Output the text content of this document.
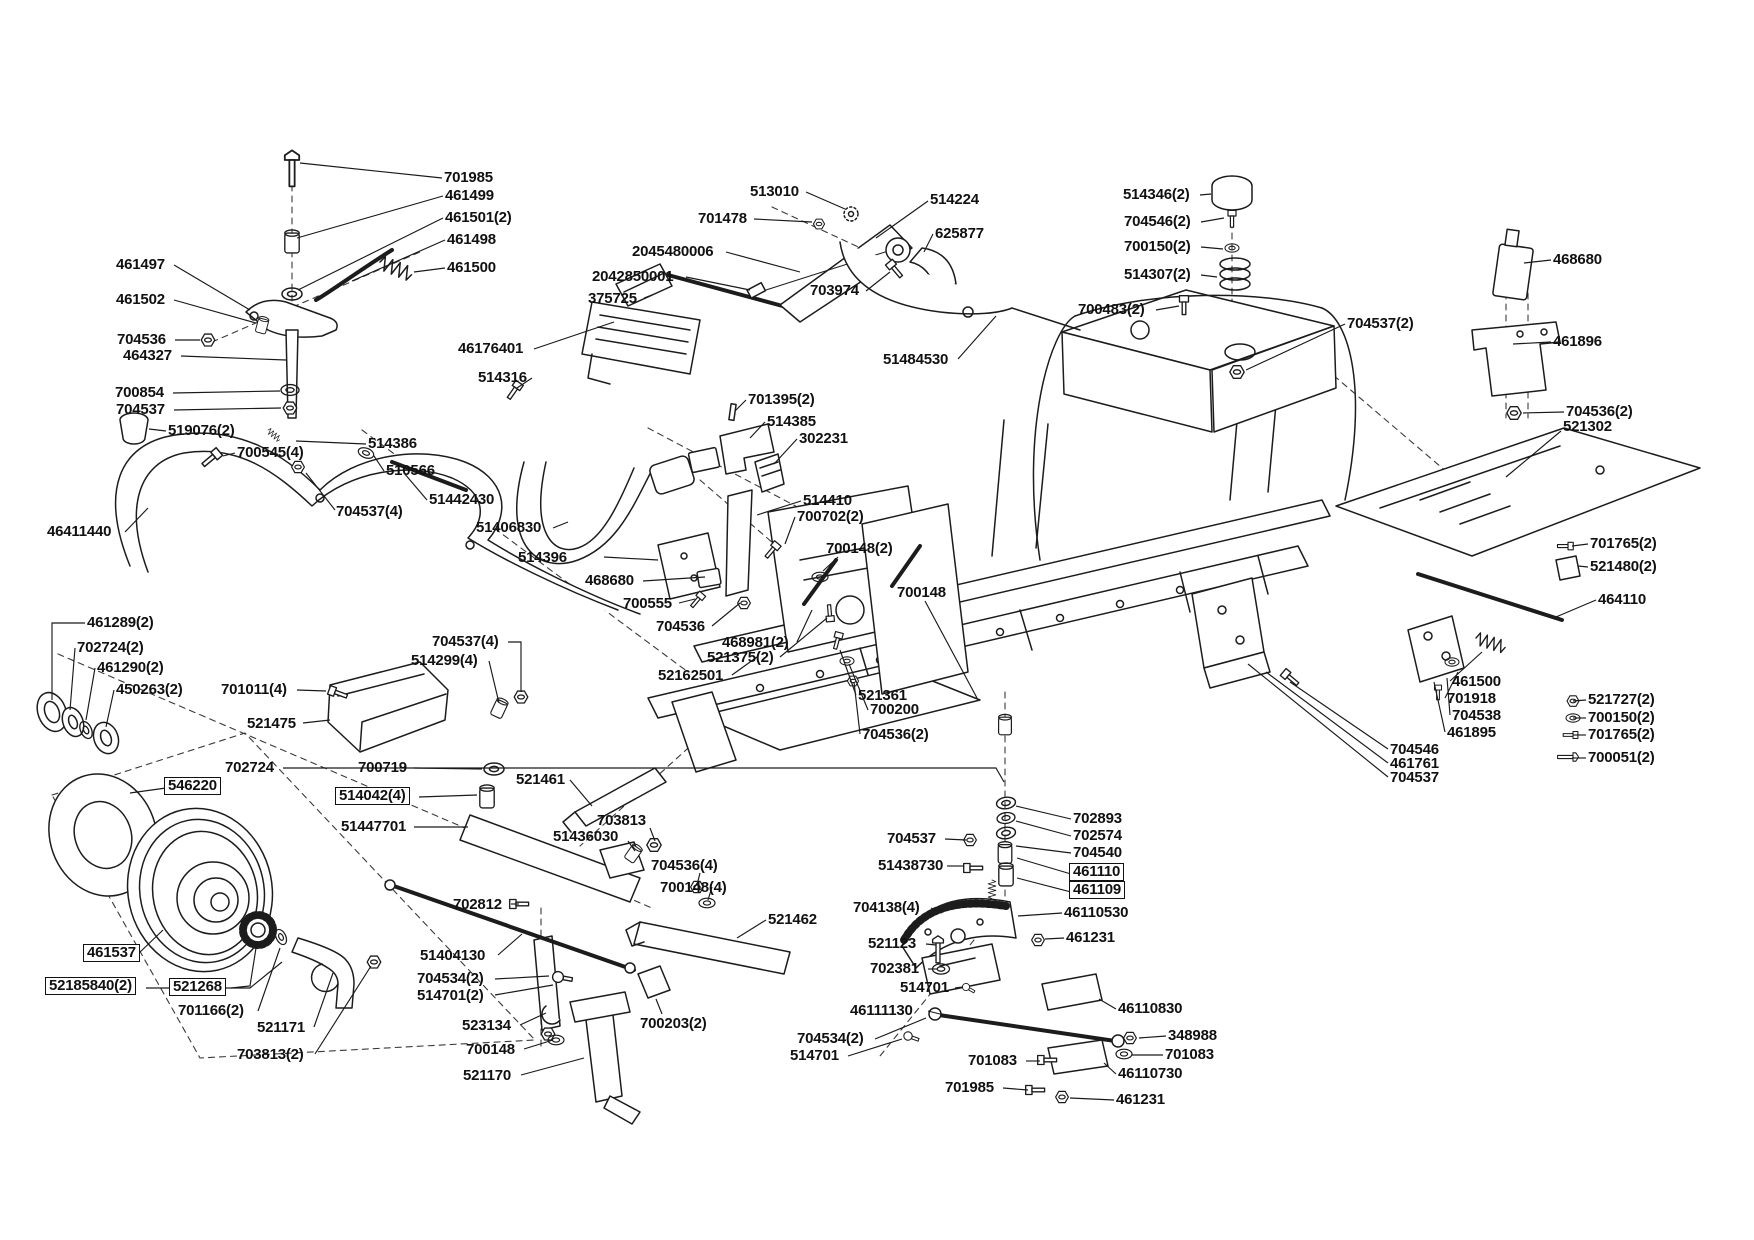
701985
461499
461501(2)
461498
461500
461497
461502
704536
464327
700854
704537
519076(2)
700545(4)
514386
510566
51442430
704537(4)
46411440	51406830
514396
46176401
514316
513010
701478
2045480006
2042850001
375725
514224
625877
703974
51484530
514346(2)
704546(2)
700150(2)
514307(2)
700483(2)
704537(2)
468680
461896
704536(2)
521302
701765(2)
521480(2)
464110
461500
701918
704538
461895
521727(2)
700150(2)
701765(2)
700051(2)
704546
461761
704537
461289(2)
702724(2)
461290(2)
450263(2)	701011(4)
521475
704537(4)
514299(4)
700719
521461
514042(4)
51447701	703813
51436030
546220
702724
461537
52185840(2)	521268
701166(2)
521171
703813(2)
468981(2)
521375(2)
52162501
521361
700200
704536(2)
700148
701395(2)
514385
302231
514410
700702(2)
700148(2)
468680
700555
704536
702812
51404130
704534(2)
514701(2)
523134
700148
521170
700203(2)
521462
704536(4)
700148(4)
704537
51438730
702893
702574
704540
461110
461109
704138(4)	46110530
461231
521123
702381
514701
46111130
704534(2)
514701
46110830
348988
701083
46110730
461231
701083
701985
